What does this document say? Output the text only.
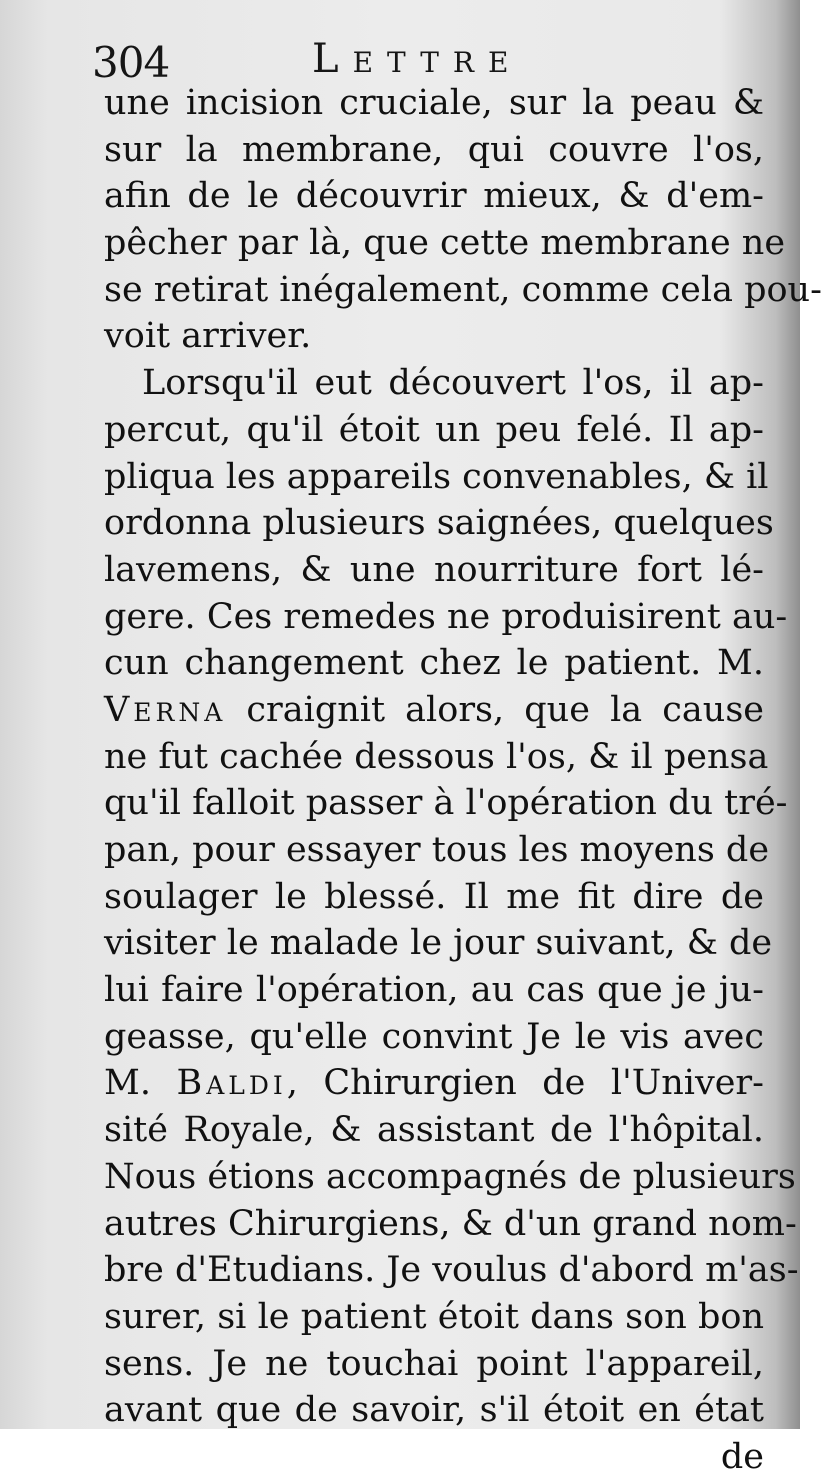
304	Lettre
une incision cruciale, sur la peau &
sur la membrane, qui couvre l'os,
afin de le découvrir mieux, & d'em-
pêcher par là, que cette membrane ne
se retirat inégalement, comme cela pou-
voit arriver.
Lorsqu'il eut découvert l'os, il ap-
percut, qu'il étoit un peu felé. Il ap-
pliqua les appareils convenables, & il
ordonna plusieurs saignées, quelques
lavemens, & une nourriture fort lé-
gere. Ces remedes ne produisirent au-
cun changement chez le patient. M.
Verna craignit alors, que la cause
ne fut cachée dessous l'os, & il pensa
qu'il falloit passer à l'opération du tré-
pan, pour essayer tous les moyens de
soulager le blessé. Il me fit dire de
visiter le malade le jour suivant, & de
lui faire l'opération, au cas que je ju-
geasse, qu'elle convint Je le vis avec
M. Baldi, Chirurgien de l'Univer-
sité Royale, & assistant de l'hôpital.
Nous étions accompagnés de plusieurs
autres Chirurgiens, & d'un grand nom-
bre d'Etudians. Je voulus d'abord m'as-
surer, si le patient étoit dans son bon
sens. Je ne touchai point l'appareil,
avant que de savoir, s'il étoit en état
de
